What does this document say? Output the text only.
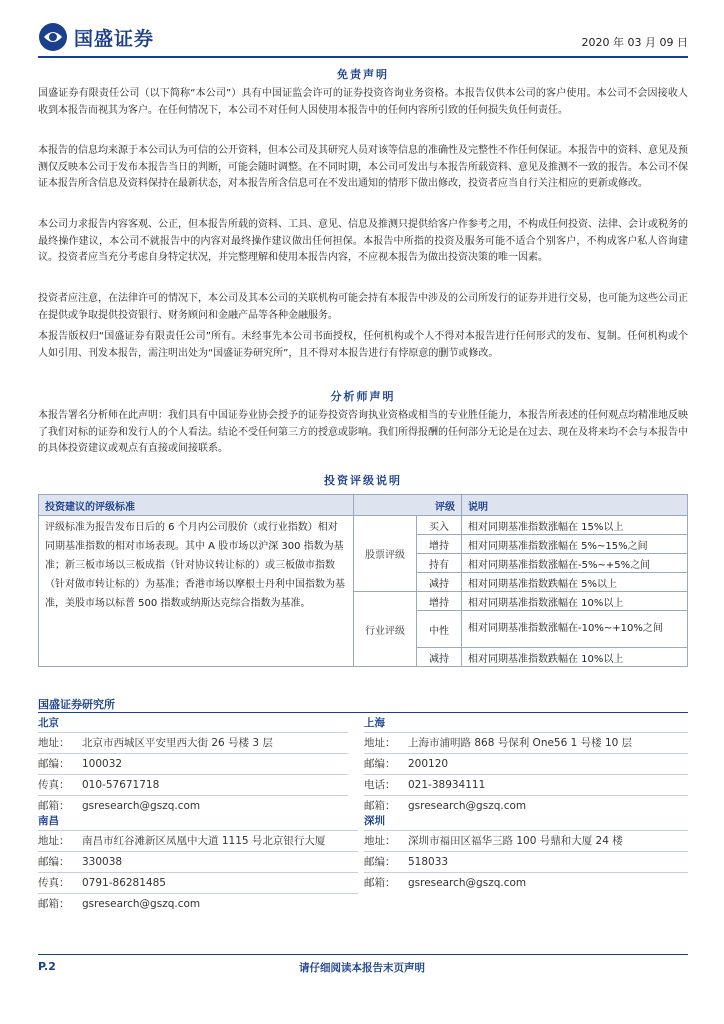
国盛证券	2020 年 03 月 09 日
免责声明

国盛证券有限责任公司（以下简称“本公司”）具有中国证监会许可的证券投资咨询业务资格。本报告仅供本公司的客户使用。本公司不会因接收人收到本报告而视其为客户。在任何情况下，本公司不对任何人因使用本报告中的任何内容所引致的任何损失负任何责任。

本报告的信息均来源于本公司认为可信的公开资料，但本公司及其研究人员对该等信息的准确性及完整性不作任何保证。本报告中的资料、意见及预测仅反映本公司于发布本报告当日的判断，可能会随时调整。在不同时期，本公司可发出与本报告所载资料、意见及推测不一致的报告。本公司不保证本报告所含信息及资料保持在最新状态，对本报告所含信息可在不发出通知的情形下做出修改，投资者应当自行关注相应的更新或修改。

本公司力求报告内容客观、公正，但本报告所载的资料、工具、意见、信息及推测只提供给客户作参考之用，不构成任何投资、法律、会计或税务的最终操作建议，本公司不就报告中的内容对最终操作建议做出任何担保。本报告中所指的投资及服务可能不适合个别客户，不构成客户私人咨询建议。投资者应当充分考虑自身特定状况，并完整理解和使用本报告内容，不应视本报告为做出投资决策的唯一因素。

投资者应注意，在法律许可的情况下，本公司及其本公司的关联机构可能会持有本报告中涉及的公司所发行的证券并进行交易，也可能为这些公司正在提供或争取提供投资银行、财务顾问和金融产品等各种金融服务。

本报告版权归“国盛证券有限责任公司”所有。未经事先本公司书面授权，任何机构或个人不得对本报告进行任何形式的发布、复制。任何机构或个人如引用、刊发本报告，需注明出处为“国盛证券研究所”，且不得对本报告进行有悖原意的删节或修改。

分析师声明

本报告署名分析师在此声明：我们具有中国证券业协会授予的证券投资咨询执业资格或相当的专业胜任能力，本报告所表述的任何观点均精准地反映了我们对标的证券和发行人的个人看法。结论不受任何第三方的授意或影响。我们所得报酬的任何部分无论是在过去、现在及将来均不会与本报告中的具体投资建议或观点有直接或间接联系。

投资评级说明
投资建议的评级标准	评级		说明
评级标准为报告发布日后的 6 个月内公司股价（或行业指数）相对同期基准指数的相对市场表现。其中 A 股市场以沪深 300 指数为基准；新三板市场以三板成指（针对协议转让标的）或三板做市指数（针对做市转让标的）为基准；香港市场以摩根士丹利中国指数为基准，美股市场以标普 500 指数或纳斯达克综合指数为基准。	股票评级	买入	相对同期基准指数涨幅在 15%以上
		增持	相对同期基准指数涨幅在 5%~15%之间
		持有	相对同期基准指数涨幅在-5%~+5%之间
		减持	相对同期基准指数跌幅在 5%以上
	行业评级	增持	相对同期基准指数涨幅在 10%以上
		中性	相对同期基准指数涨幅在-10%~+10%之间
		减持	相对同期基准指数跌幅在 10%以上
国盛证券研究所
北京
地址： 北京市西城区平安里西大街 26 号楼 3 层
邮编： 100032
传真： 010-57671718
邮箱： gsresearch@gszq.com
上海
地址： 上海市浦明路 868 号保利 One56 1 号楼 10 层
邮编： 200120
电话： 021-38934111
邮箱： gsresearch@gszq.com
南昌
地址： 南昌市红谷滩新区凤凰中大道 1115 号北京银行大厦
邮编： 330038
传真： 0791-86281485
邮箱： gsresearch@gszq.com
深圳
地址： 深圳市福田区福华三路 100 号鼎和大厦 24 楼
邮编： 518033
邮箱： gsresearch@gszq.com
请仔细阅读本报告末页声明
P.2
